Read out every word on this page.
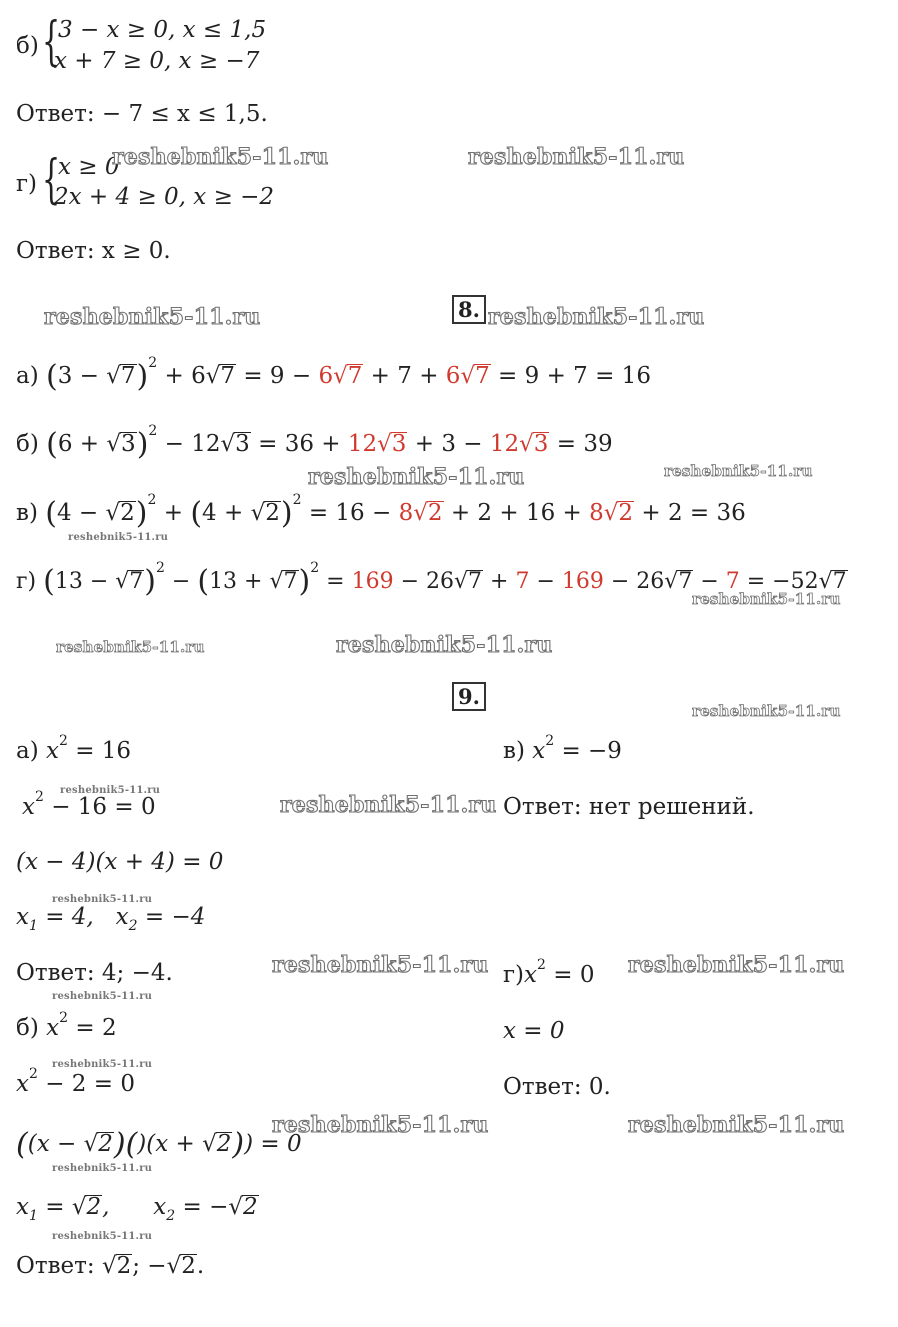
б) {
3 − x ≥ 0, x ≤ 1,5
x + 7 ≥ 0, x ≥ −7
Ответ: − 7 ≤ x ≤ 1,5.
г) {
x ≥ 0
2x + 4 ≥ 0, x ≥ −2
Ответ: x ≥ 0.
8.
а) $(3 - √7)^2 + 6√7 = 9 - 6√7 + 7 + 6√7 = 9 + 7 = 16$
б) $(6 + √3)^2 - 12√3 = 36 + 12√3 + 3 - 12√3 = 39$
в) $(4 - √2)^2 + (4 + √2)^2 = 16 - 8√2 + 2 + 16 + 8√2 + 2 = 36$
г) $(13 - √7)^2 - (13 + √7)^2 = 169 - 26√7 + 7 - 169 - 26√7 - 7 = -52√7$
9.
а) $x^2 = 16$
$x^2 - 16 = 0$
(x − 4)(x + 4) = 0
$x_1 = 4$,   $x_2 = -4$
Ответ: 4; −4.
б) $x^2 = 2$
$x^2 - 2 = 0$
((x − √2)()(x + √2)) = 0
$x_1 = √2$,      $x_2 = -√2$
Ответ: √2; −√2.
в) $x^2 = -9$
Ответ: нет решений.
$г)x^2 = 0$
x = 0
Ответ: 0.
reshebnik5-11.ru	reshebnik5-11.ru
reshebnik5-11.ru	reshebnik5-11.ru
reshebnik5-11.ru	reshebnik5-11.ru
reshebnik5-11.ru
reshebnik5-11.ru
reshebnik5-11.ru	reshebnik5-11.ru
reshebnik5-11.ru
reshebnik5-11.ru
reshebnik5-11.ru
reshebnik5-11.ru
reshebnik5-11.ru	reshebnik5-11.ru
reshebnik5-11.ru
reshebnik5-11.ru
reshebnik5-11.ru	reshebnik5-11.ru
reshebnik5-11.ru
reshebnik5-11.ru
